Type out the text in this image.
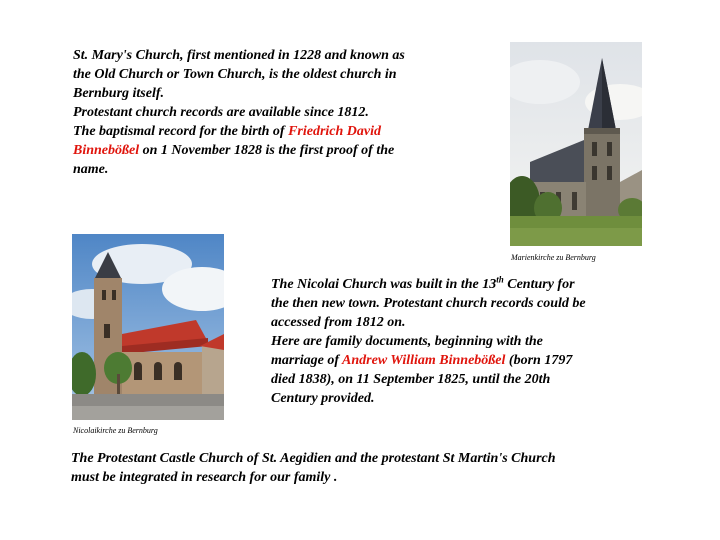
St. Mary's Church, first mentioned in 1228 and known as
the Old Church or Town Church, is the oldest church in
Bernburg itself.
Protestant church records are available since 1812.
The baptismal record for the birth of Friedrich David
Binnebößel on 1 November 1828 is the first proof of the
name.
Marienkirche zu Bernburg
Nicolaikirche zu Bernburg
The Nicolai Church was built in the 13th Century for
the then new town. Protestant church records could be
accessed from 1812 on.
Here are family documents, beginning with the
marriage of Andrew William Binnebößel (born 1797
died 1838), on 11 September 1825, until the 20th
Century provided.
The Protestant Castle Church of St. Aegidien and the protestant St Martin's Church
must be integrated in research for our family .
